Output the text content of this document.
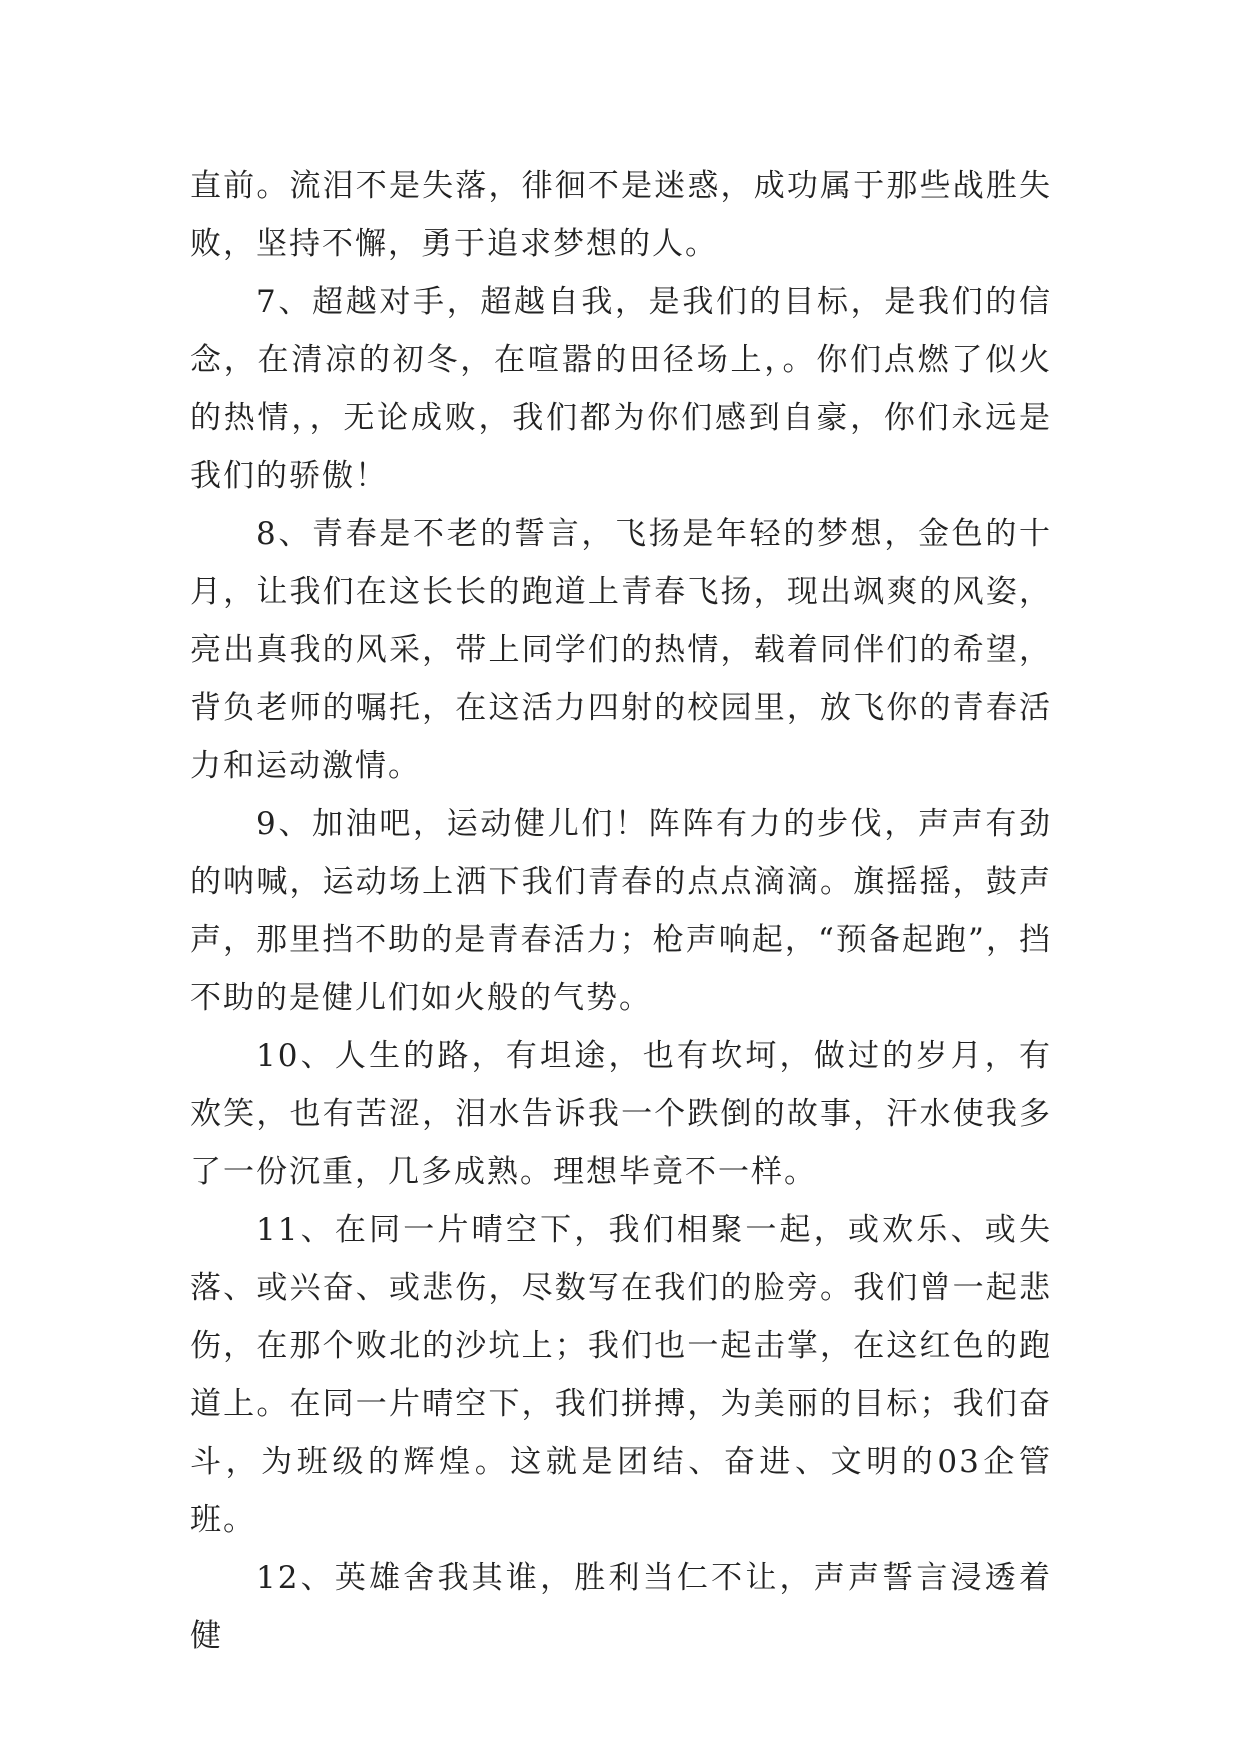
直前。流泪不是失落，徘徊不是迷惑，成功属于那些战胜失败，坚持不懈，勇于追求梦想的人。

7、超越对手，超越自我，是我们的目标，是我们的信念，在清凉的初冬，在喧嚣的田径场上，。你们点燃了似火的热情，，无论成败，我们都为你们感到自豪，你们永远是我们的骄傲！

8、青春是不老的誓言，飞扬是年轻的梦想，金色的十月，让我们在这长长的跑道上青春飞扬，现出飒爽的风姿，亮出真我的风采，带上同学们的热情，载着同伴们的希望，背负老师的嘱托，在这活力四射的校园里，放飞你的青春活力和运动激情。

9、加油吧，运动健儿们！阵阵有力的步伐，声声有劲的呐喊，运动场上洒下我们青春的点点滴滴。旗摇摇，鼓声声，那里挡不助的是青春活力；枪声响起，“预备起跑”，挡不助的是健儿们如火般的气势。

10、人生的路，有坦途，也有坎坷，做过的岁月，有欢笑，也有苦涩，泪水告诉我一个跌倒的故事，汗水使我多了一份沉重，几多成熟。理想毕竟不一样。

11、在同一片晴空下，我们相聚一起，或欢乐、或失落、或兴奋、或悲伤，尽数写在我们的脸旁。我们曾一起悲伤，在那个败北的沙坑上；我们也一起击掌，在这红色的跑道上。在同一片晴空下，我们拼搏，为美丽的目标；我们奋斗，为班级的辉煌。这就是团结、奋进、文明的03企管班。

12、英雄舍我其谁，胜利当仁不让，声声誓言浸透着健
